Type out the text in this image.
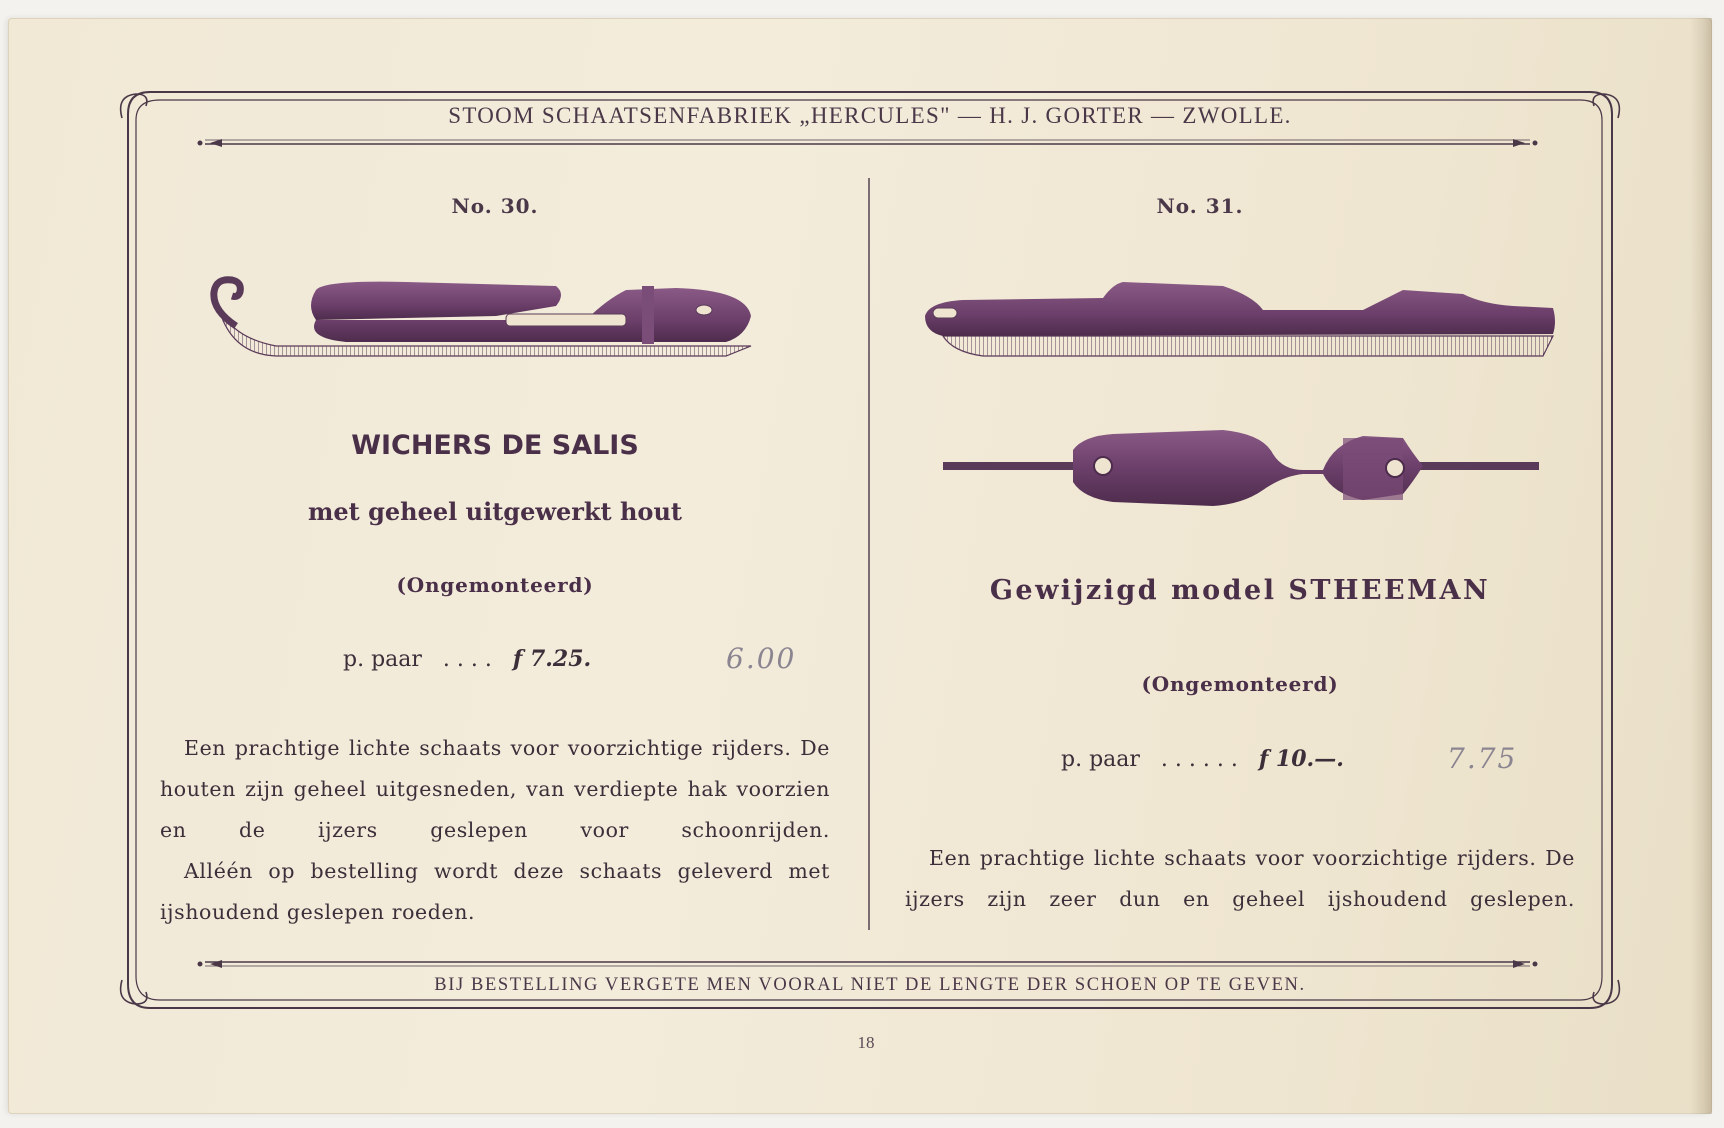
STOOM SCHAATSENFABRIEK „HERCULES" — H. J. GORTER — ZWOLLE.
No. 30.
WICHERS DE SALIS
met geheel uitgewerkt hout
(Ongemonteerd)
p. paar . . . . f 7.25.	6.00

Een prachtige lichte schaats voor voorzichtige rijders. De houten zijn geheel uitgesneden, van verdiepte hak voorzien en de ijzers geslepen voor schoonrijden.

Alléén op bestelling wordt deze schaats geleverd met ijshoudend geslepen roeden.

No. 31.
Gewijzigd model STHEEMAN
(Ongemonteerd)
p. paar . . . . . . f 10.—.	7.75

Een prachtige lichte schaats voor voorzichtige rijders. De ijzers zijn zeer dun en geheel ijshoudend geslepen.

BIJ BESTELLING VERGETE MEN VOORAL NIET DE LENGTE DER SCHOEN OP TE GEVEN.
18
